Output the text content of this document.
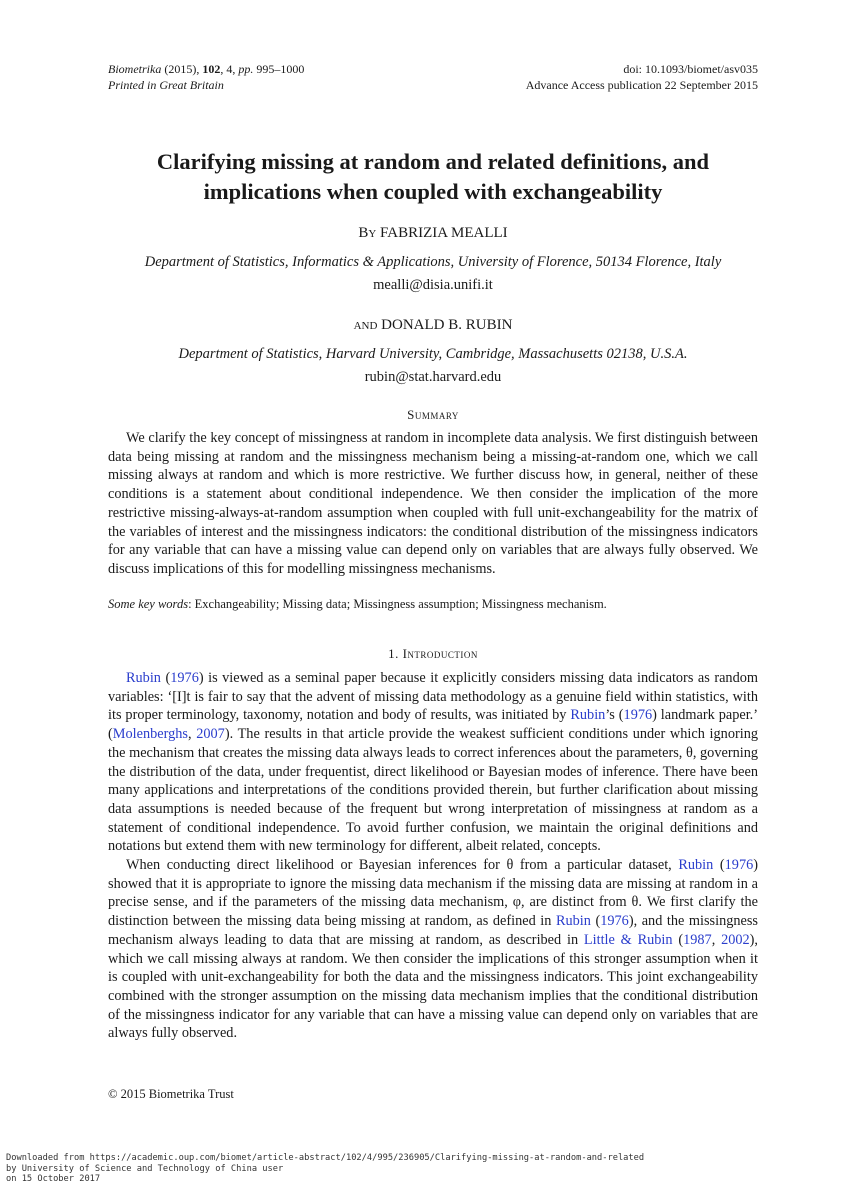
Biometrika (2015), 102, 4, pp. 995–1000
Printed in Great Britain
doi: 10.1093/biomet/asv035
Advance Access publication 22 September 2015
Clarifying missing at random and related definitions, and
implications when coupled with exchangeability
By FABRIZIA MEALLI
Department of Statistics, Informatics & Applications, University of Florence, 50134 Florence, Italy
mealli@disia.unifi.it
and DONALD B. RUBIN
Department of Statistics, Harvard University, Cambridge, Massachusetts 02138, U.S.A.
rubin@stat.harvard.edu
Summary

We clarify the key concept of missingness at random in incomplete data analysis. We first distinguish between data being missing at random and the missingness mechanism being a missing-at-random one, which we call missing always at random and which is more restrictive. We further discuss how, in general, neither of these conditions is a statement about conditional independence. We then consider the implication of the more restrictive missing-always-at-random assumption when coupled with full unit-exchangeability for the matrix of the variables of interest and the missingness indicators: the conditional distribution of the missingness indicators for any variable that can have a missing value can depend only on variables that are always fully observed. We discuss implications of this for modelling missingness mechanisms.

Some key words: Exchangeability; Missing data; Missingness assumption; Missingness mechanism.
1. Introduction

Rubin (1976) is viewed as a seminal paper because it explicitly considers missing data indicators as random variables: ‘[I]t is fair to say that the advent of missing data methodology as a genuine field within statistics, with its proper terminology, taxonomy, notation and body of results, was initiated by Rubin’s (1976) landmark paper.’ (Molenberghs, 2007). The results in that article provide the weakest sufficient conditions under which ignoring the mechanism that creates the missing data always leads to correct inferences about the parameters, θ, governing the distribution of the data, under frequentist, direct likelihood or Bayesian modes of inference. There have been many applications and interpretations of the conditions provided therein, but further clarification about missing data assumptions is needed because of the frequent but wrong interpretation of missingness at random as a statement of conditional independence. To avoid further confusion, we maintain the original definitions and notations but extend them with new terminology for different, albeit related, concepts.

When conducting direct likelihood or Bayesian inferences for θ from a particular dataset, Rubin (1976) showed that it is appropriate to ignore the missing data mechanism if the missing data are missing at random in a precise sense, and if the parameters of the missing data mechanism, φ, are distinct from θ. We first clarify the distinction between the missing data being missing at random, as defined in Rubin (1976), and the missingness mechanism always leading to data that are missing at random, as described in Little & Rubin (1987, 2002), which we call missing always at random. We then consider the implications of this stronger assumption when it is coupled with unit-exchangeability for both the data and the missingness indicators. This joint exchangeability combined with the stronger assumption on the missing data mechanism implies that the conditional distribution of the missingness indicator for any variable that can have a missing value can depend only on variables that are always fully observed.

© 2015 Biometrika Trust
Downloaded from https://academic.oup.com/biomet/article-abstract/102/4/995/236905/Clarifying-missing-at-random-and-related
by University of Science and Technology of China user
on 15 October 2017
